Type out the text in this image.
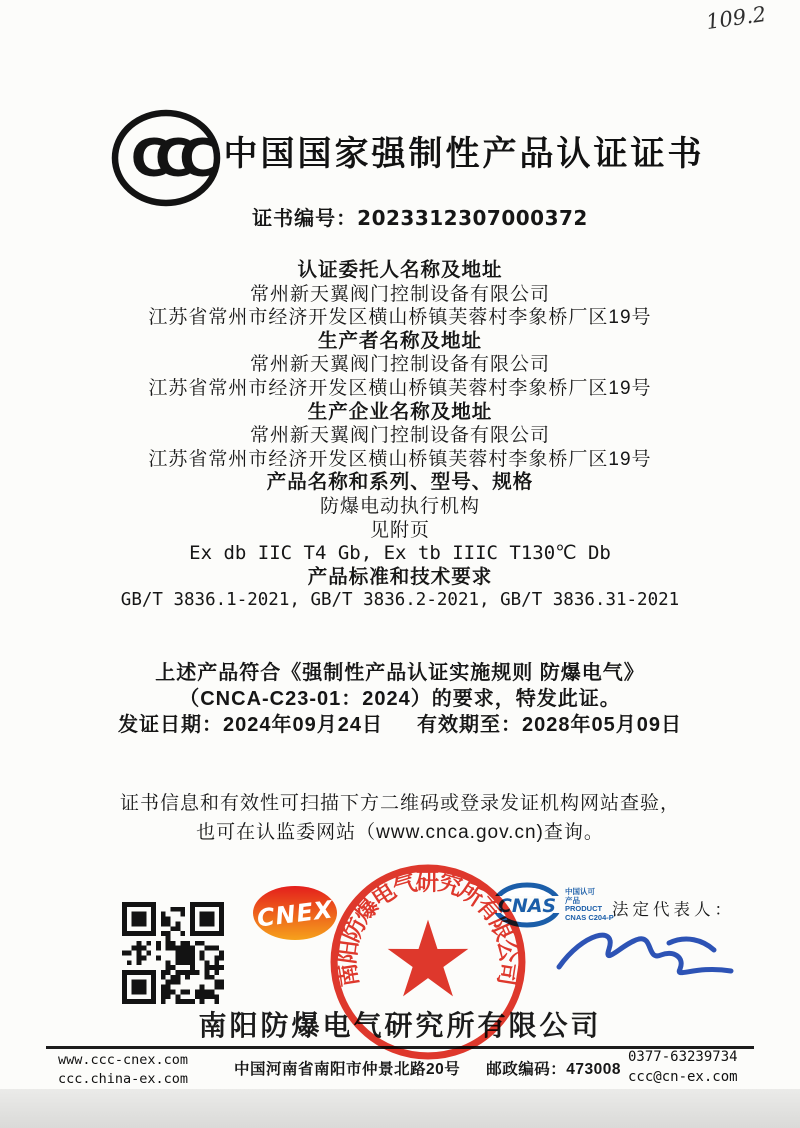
109.2
CCC 中国国家强制性产品认证证书
证书编号：2023312307000372
认证委托人名称及地址
常州新天翼阀门控制设备有限公司
江苏省常州市经济开发区横山桥镇芙蓉村李象桥厂区19号
生产者名称及地址
常州新天翼阀门控制设备有限公司
江苏省常州市经济开发区横山桥镇芙蓉村李象桥厂区19号
生产企业名称及地址
常州新天翼阀门控制设备有限公司
江苏省常州市经济开发区横山桥镇芙蓉村李象桥厂区19号
产品名称和系列、型号、规格
防爆电动执行机构
见附页
Ex db IIC T4 Gb, Ex tb IIIC T130℃ Db
产品标准和技术要求
GB/T 3836.1-2021, GB/T 3836.2-2021, GB/T 3836.31-2021
上述产品符合《强制性产品认证实施规则 防爆电气》
（CNCA-C23-01：2024）的要求，特发此证。
发证日期：2024年09月24日 有效期至：2028年05月09日
证书信息和有效性可扫描下方二维码或登录发证机构网站查验，
也可在认监委网站（www.cnca.gov.cn)查询。
CNEX
南阳防爆电气研究所有限公司
CNAS
中国认可
产品
PRODUCT
CNAS C204-P
法定代表人：
南阳防爆电气研究所有限公司
www.ccc-cnex.com
ccc.china-ex.com
中国河南省南阳市仲景北路20号 邮政编码：473008
0377-63239734
ccc@cn-ex.com
